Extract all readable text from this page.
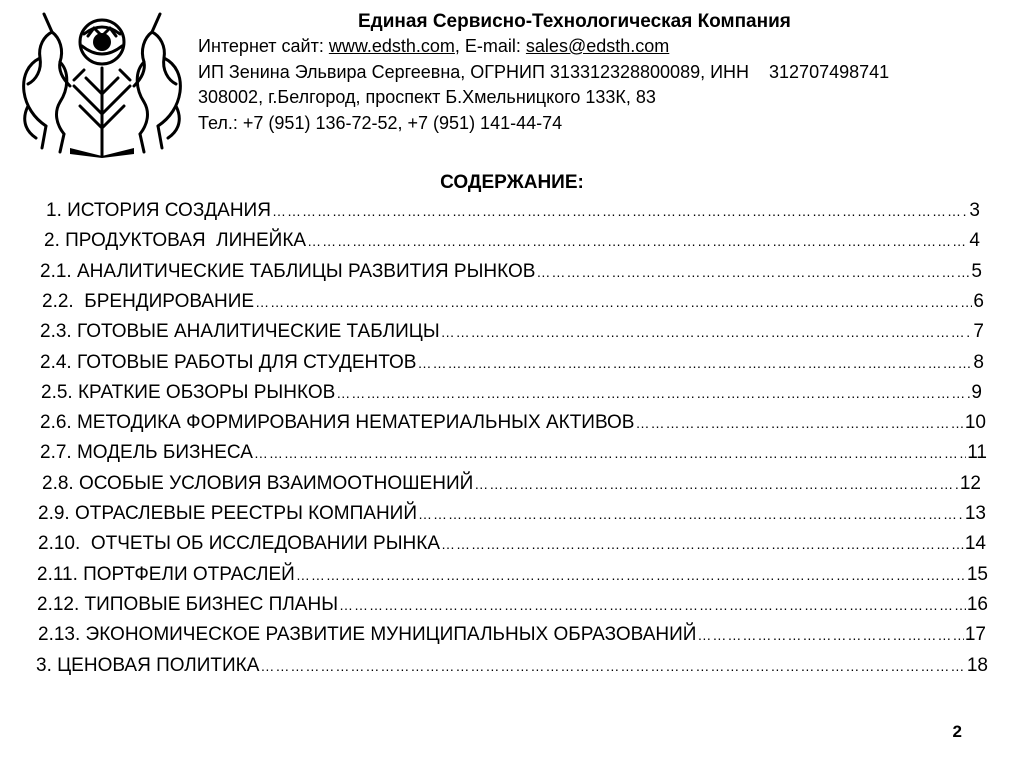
Единая Сервисно-Технологическая Компания
Интернет сайт: www.edsth.com, E-mail: sales@edsth.com
ИП Зенина Эльвира Сергеевна, ОГРНИП 313312328800089, ИНН    312707498741
308002, г.Белгород, проспект Б.Хмельницкого 133К, 83
Тел.: +7 (951) 136-72-52, +7 (951) 141-44-74
СОДЕРЖАНИЕ:
1. ИСТОРИЯ СОЗДАНИЯ ……………………………………………………………………………………………………………………………………………………………………………………………………………………………………………………………………	3
2. ПРОДУКТОВАЯ  ЛИНЕЙКА ……………………………………………………………………………………………………………………………………………………………………………………………………………………………………………………………………	4
2.1. АНАЛИТИЧЕСКИЕ ТАБЛИЦЫ РАЗВИТИЯ РЫНКОВ ……………………………………………………………………………………………………………………………………………………………………………………………………………………………………………………………………	5
2.2.  БРЕНДИРОВАНИЕ ……………………………………………………………………………………………………………………………………………………………………………………………………………………………………………………………………	6
2.3. ГОТОВЫЕ АНАЛИТИЧЕСКИЕ ТАБЛИЦЫ ……………………………………………………………………………………………………………………………………………………………………………………………………………………………………………………………………	7
2.4. ГОТОВЫЕ РАБОТЫ ДЛЯ СТУДЕНТОВ ……………………………………………………………………………………………………………………………………………………………………………………………………………………………………………………………………	8
2.5. КРАТКИЕ ОБЗОРЫ РЫНКОВ ……………………………………………………………………………………………………………………………………………………………………………………………………………………………………………………………………	9
2.6. МЕТОДИКА ФОРМИРОВАНИЯ НЕМАТЕРИАЛЬНЫХ АКТИВОВ ……………………………………………………………………………………………………………………………………………………………………………………………………………………………………………………………………	10
2.7. МОДЕЛЬ БИЗНЕСА ……………………………………………………………………………………………………………………………………………………………………………………………………………………………………………………………………	11
2.8. ОСОБЫЕ УСЛОВИЯ ВЗАИМООТНОШЕНИЙ ……………………………………………………………………………………………………………………………………………………………………………………………………………………………………………………………………	12
2.9. ОТРАСЛЕВЫЕ РЕЕСТРЫ КОМПАНИЙ ……………………………………………………………………………………………………………………………………………………………………………………………………………………………………………………………………	13
2.10.  ОТЧЕТЫ ОБ ИССЛЕДОВАНИИ РЫНКА ……………………………………………………………………………………………………………………………………………………………………………………………………………………………………………………………………	14
2.11. ПОРТФЕЛИ ОТРАСЛЕЙ ……………………………………………………………………………………………………………………………………………………………………………………………………………………………………………………………………	15
2.12. ТИПОВЫЕ БИЗНЕС ПЛАНЫ ……………………………………………………………………………………………………………………………………………………………………………………………………………………………………………………………………	16
2.13. ЭКОНОМИЧЕСКОЕ РАЗВИТИЕ МУНИЦИПАЛЬНЫХ ОБРАЗОВАНИЙ ……………………………………………………………………………………………………………………………………………………………………………………………………………………………………………………………………	17
3. ЦЕНОВАЯ ПОЛИТИКА ……………………………………………………………………………………………………………………………………………………………………………………………………………………………………………………………………	18
2
